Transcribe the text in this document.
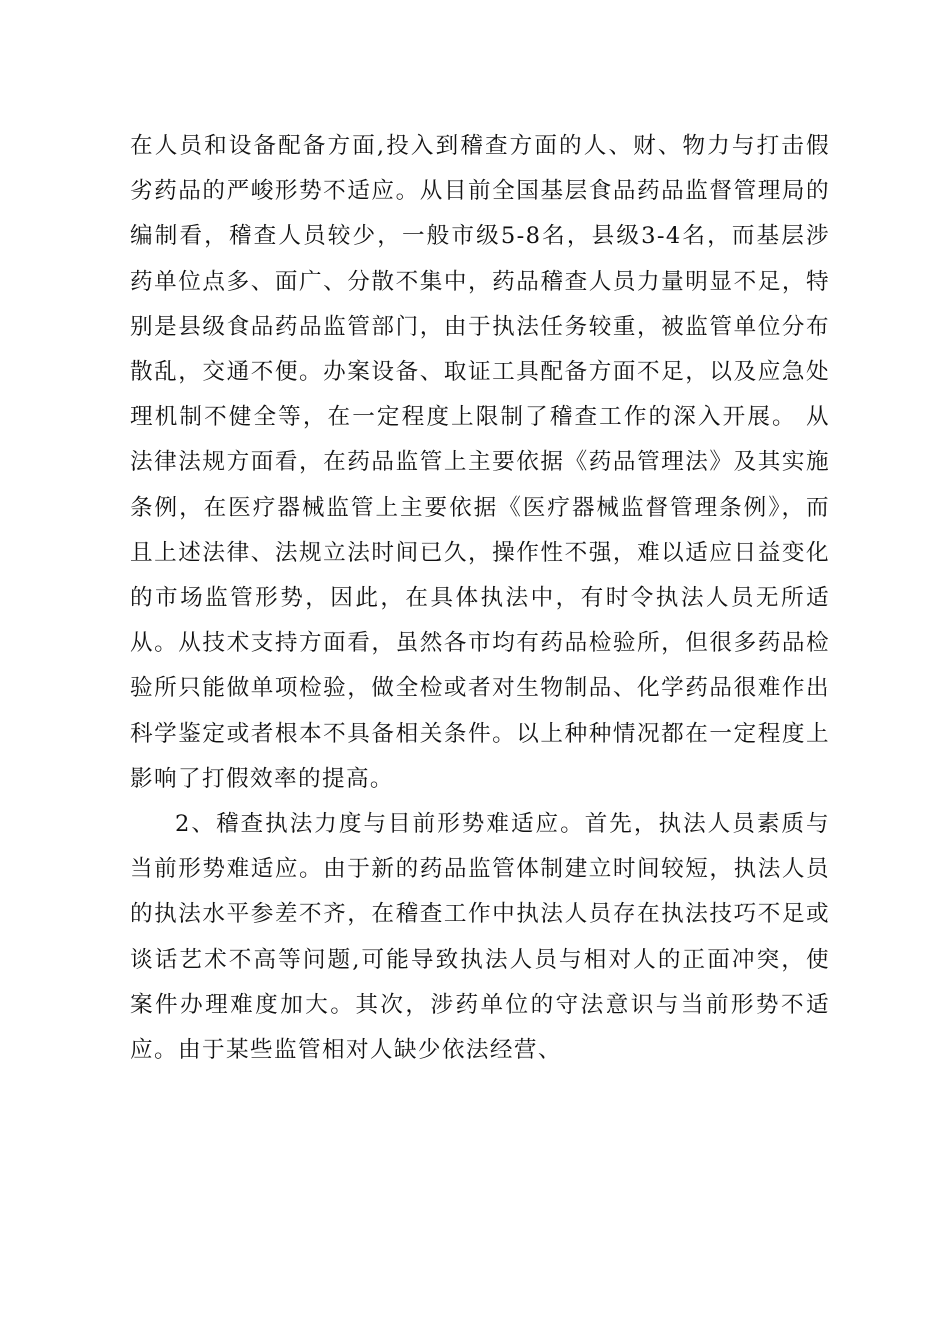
在人员和设备配备方面,投入到稽查方面的人、财、物力与打击假劣药品的严峻形势不适应。从目前全国基层食品药品监督管理局的编制看，稽查人员较少，一般市级5-8名，县级3-4名，而基层涉药单位点多、面广、分散不集中，药品稽查人员力量明显不足，特别是县级食品药品监管部门，由于执法任务较重，被监管单位分布散乱，交通不便。办案设备、取证工具配备方面不足，以及应急处理机制不健全等，在一定程度上限制了稽查工作的深入开展。 从法律法规方面看，在药品监管上主要依据《药品管理法》及其实施条例，在医疗器械监管上主要依据《医疗器械监督管理条例》，而且上述法律、法规立法时间已久，操作性不强，难以适应日益变化的市场监管形势，因此，在具体执法中，有时令执法人员无所适从。从技术支持方面看，虽然各市均有药品检验所，但很多药品检验所只能做单项检验，做全检或者对生物制品、化学药品很难作出科学鉴定或者根本不具备相关条件。以上种种情况都在一定程度上影响了打假效率的提高。

2、稽查执法力度与目前形势难适应。首先，执法人员素质与当前形势难适应。由于新的药品监管体制建立时间较短，执法人员的执法水平参差不齐，在稽查工作中执法人员存在执法技巧不足或谈话艺术不高等问题,可能导致执法人员与相对人的正面冲突，使案件办理难度加大。其次，涉药单位的守法意识与当前形势不适应。由于某些监管相对人缺少依法经营、
